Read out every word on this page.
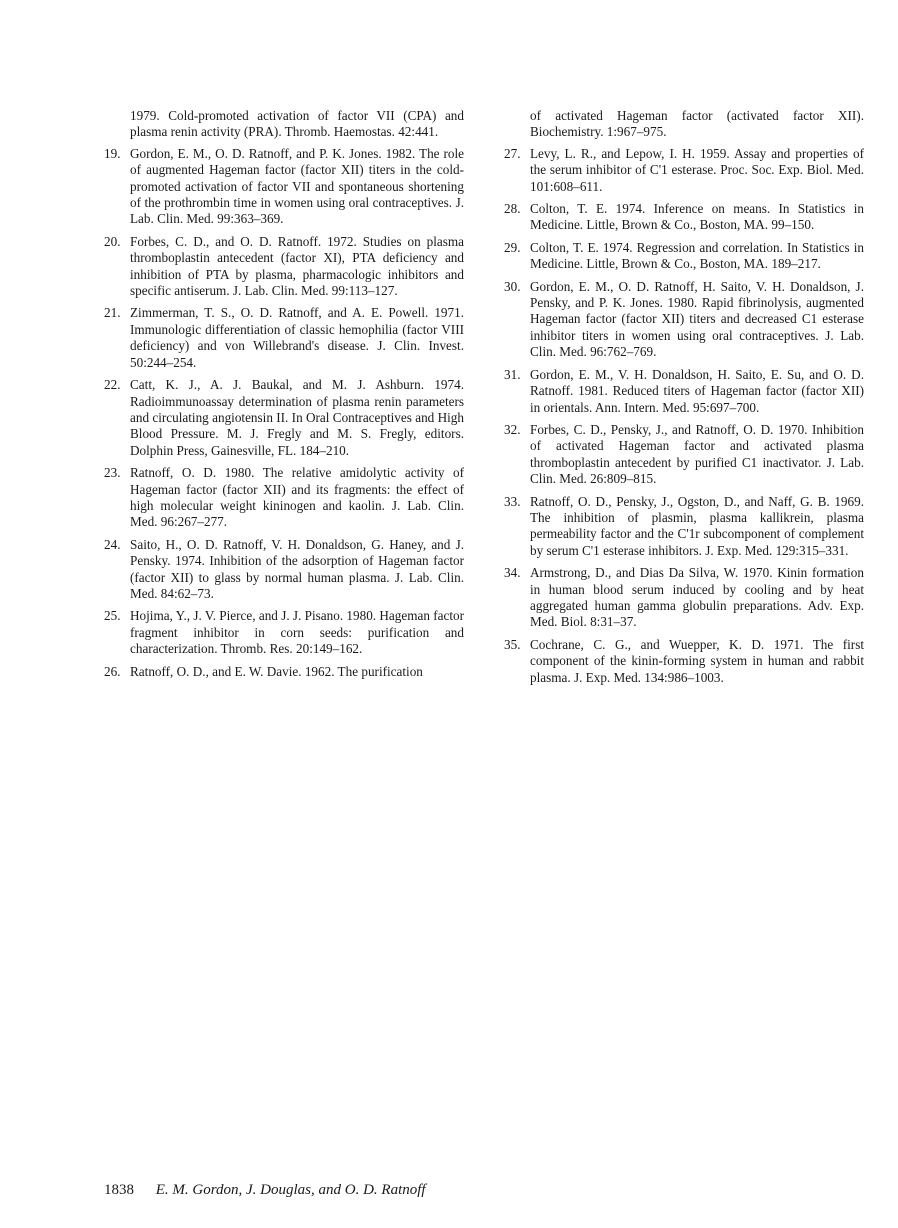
1979. Cold-promoted activation of factor VII (CPA) and plasma renin activity (PRA). Thromb. Haemostas. 42:441.
19. Gordon, E. M., O. D. Ratnoff, and P. K. Jones. 1982. The role of augmented Hageman factor (factor XII) titers in the cold-promoted activation of factor VII and spontaneous shortening of the prothrombin time in women using oral contraceptives. J. Lab. Clin. Med. 99:363–369.
20. Forbes, C. D., and O. D. Ratnoff. 1972. Studies on plasma thromboplastin antecedent (factor XI), PTA deficiency and inhibition of PTA by plasma, pharmacologic inhibitors and specific antiserum. J. Lab. Clin. Med. 99:113–127.
21. Zimmerman, T. S., O. D. Ratnoff, and A. E. Powell. 1971. Immunologic differentiation of classic hemophilia (factor VIII deficiency) and von Willebrand's disease. J. Clin. Invest. 50:244–254.
22. Catt, K. J., A. J. Baukal, and M. J. Ashburn. 1974. Radioimmunoassay determination of plasma renin parameters and circulating angiotensin II. In Oral Contraceptives and High Blood Pressure. M. J. Fregly and M. S. Fregly, editors. Dolphin Press, Gainesville, FL. 184–210.
23. Ratnoff, O. D. 1980. The relative amidolytic activity of Hageman factor (factor XII) and its fragments: the effect of high molecular weight kininogen and kaolin. J. Lab. Clin. Med. 96:267–277.
24. Saito, H., O. D. Ratnoff, V. H. Donaldson, G. Haney, and J. Pensky. 1974. Inhibition of the adsorption of Hageman factor (factor XII) to glass by normal human plasma. J. Lab. Clin. Med. 84:62–73.
25. Hojima, Y., J. V. Pierce, and J. J. Pisano. 1980. Hageman factor fragment inhibitor in corn seeds: purification and characterization. Thromb. Res. 20:149–162.
26. Ratnoff, O. D., and E. W. Davie. 1962. The purification
of activated Hageman factor (activated factor XII). Biochemistry. 1:967–975.
27. Levy, L. R., and Lepow, I. H. 1959. Assay and properties of the serum inhibitor of C'1 esterase. Proc. Soc. Exp. Biol. Med. 101:608–611.
28. Colton, T. E. 1974. Inference on means. In Statistics in Medicine. Little, Brown & Co., Boston, MA. 99–150.
29. Colton, T. E. 1974. Regression and correlation. In Statistics in Medicine. Little, Brown & Co., Boston, MA. 189–217.
30. Gordon, E. M., O. D. Ratnoff, H. Saito, V. H. Donaldson, J. Pensky, and P. K. Jones. 1980. Rapid fibrinolysis, augmented Hageman factor (factor XII) titers and decreased C1 esterase inhibitor titers in women using oral contraceptives. J. Lab. Clin. Med. 96:762–769.
31. Gordon, E. M., V. H. Donaldson, H. Saito, E. Su, and O. D. Ratnoff. 1981. Reduced titers of Hageman factor (factor XII) in orientals. Ann. Intern. Med. 95:697–700.
32. Forbes, C. D., Pensky, J., and Ratnoff, O. D. 1970. Inhibition of activated Hageman factor and activated plasma thromboplastin antecedent by purified C1 inactivator. J. Lab. Clin. Med. 26:809–815.
33. Ratnoff, O. D., Pensky, J., Ogston, D., and Naff, G. B. 1969. The inhibition of plasmin, plasma kallikrein, plasma permeability factor and the C'1r subcomponent of complement by serum C'1 esterase inhibitors. J. Exp. Med. 129:315–331.
34. Armstrong, D., and Dias Da Silva, W. 1970. Kinin formation in human blood serum induced by cooling and by heat aggregated human gamma globulin preparations. Adv. Exp. Med. Biol. 8:31–37.
35. Cochrane, C. G., and Wuepper, K. D. 1971. The first component of the kinin-forming system in human and rabbit plasma. J. Exp. Med. 134:986–1003.
1838 E. M. Gordon, J. Douglas, and O. D. Ratnoff
